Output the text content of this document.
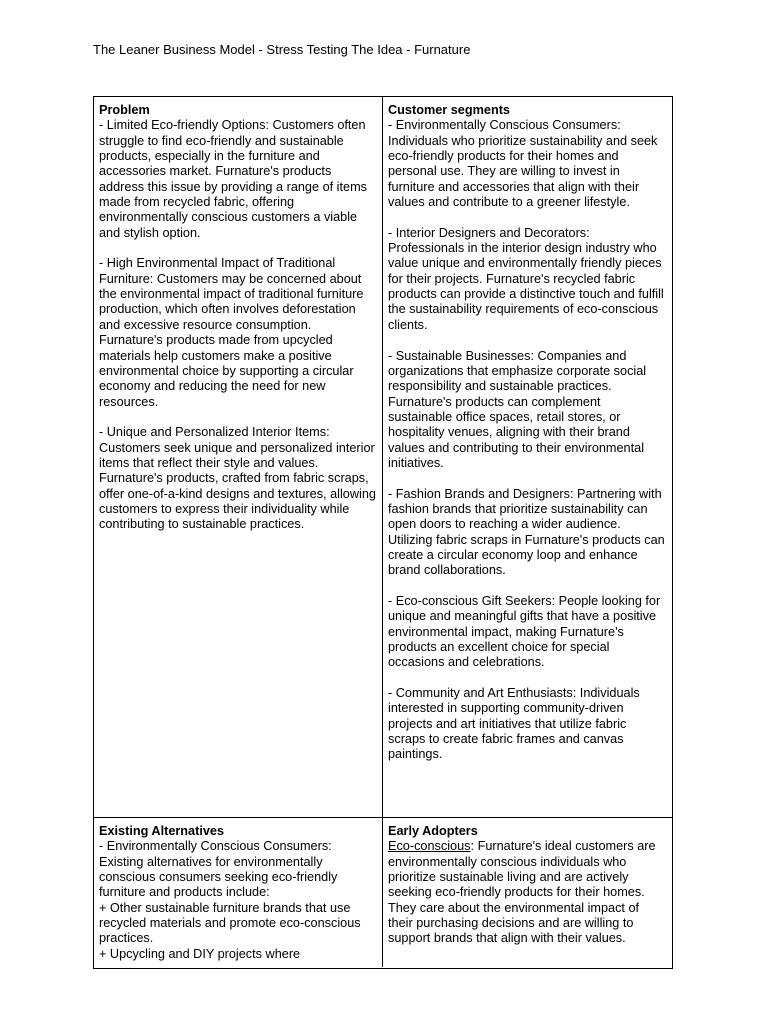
The Leaner Business Model - Stress Testing The Idea - Furnature
Problem
- Limited Eco-friendly Options: Customers often struggle to find eco-friendly and sustainable products, especially in the furniture and accessories market. Furnature's products address this issue by providing a range of items made from recycled fabric, offering environmentally conscious customers a viable and stylish option.
- High Environmental Impact of Traditional Furniture: Customers may be concerned about the environmental impact of traditional furniture production, which often involves deforestation and excessive resource consumption. Furnature's products made from upcycled materials help customers make a positive environmental choice by supporting a circular economy and reducing the need for new resources.
- Unique and Personalized Interior Items: Customers seek unique and personalized interior items that reflect their style and values. Furnature's products, crafted from fabric scraps, offer one-of-a-kind designs and textures, allowing customers to express their individuality while contributing to sustainable practices.
Customer segments
- Environmentally Conscious Consumers: Individuals who prioritize sustainability and seek eco-friendly products for their homes and personal use. They are willing to invest in furniture and accessories that align with their values and contribute to a greener lifestyle.
- Interior Designers and Decorators: Professionals in the interior design industry who value unique and environmentally friendly pieces for their projects. Furnature's recycled fabric products can provide a distinctive touch and fulfill the sustainability requirements of eco-conscious clients.
- Sustainable Businesses: Companies and organizations that emphasize corporate social responsibility and sustainable practices. Furnature's products can complement sustainable office spaces, retail stores, or hospitality venues, aligning with their brand values and contributing to their environmental initiatives.
- Fashion Brands and Designers: Partnering with fashion brands that prioritize sustainability can open doors to reaching a wider audience. Utilizing fabric scraps in Furnature's products can create a circular economy loop and enhance brand collaborations.
- Eco-conscious Gift Seekers: People looking for unique and meaningful gifts that have a positive environmental impact, making Furnature's products an excellent choice for special occasions and celebrations.
- Community and Art Enthusiasts: Individuals interested in supporting community-driven projects and art initiatives that utilize fabric scraps to create fabric frames and canvas paintings.
Existing Alternatives
- Environmentally Conscious Consumers: Existing alternatives for environmentally conscious consumers seeking eco-friendly furniture and products include:
+ Other sustainable furniture brands that use recycled materials and promote eco-conscious practices.
+ Upcycling and DIY projects where
Early Adopters
Eco-conscious: Furnature's ideal customers are environmentally conscious individuals who prioritize sustainable living and are actively seeking eco-friendly products for their homes. They care about the environmental impact of their purchasing decisions and are willing to support brands that align with their values.
